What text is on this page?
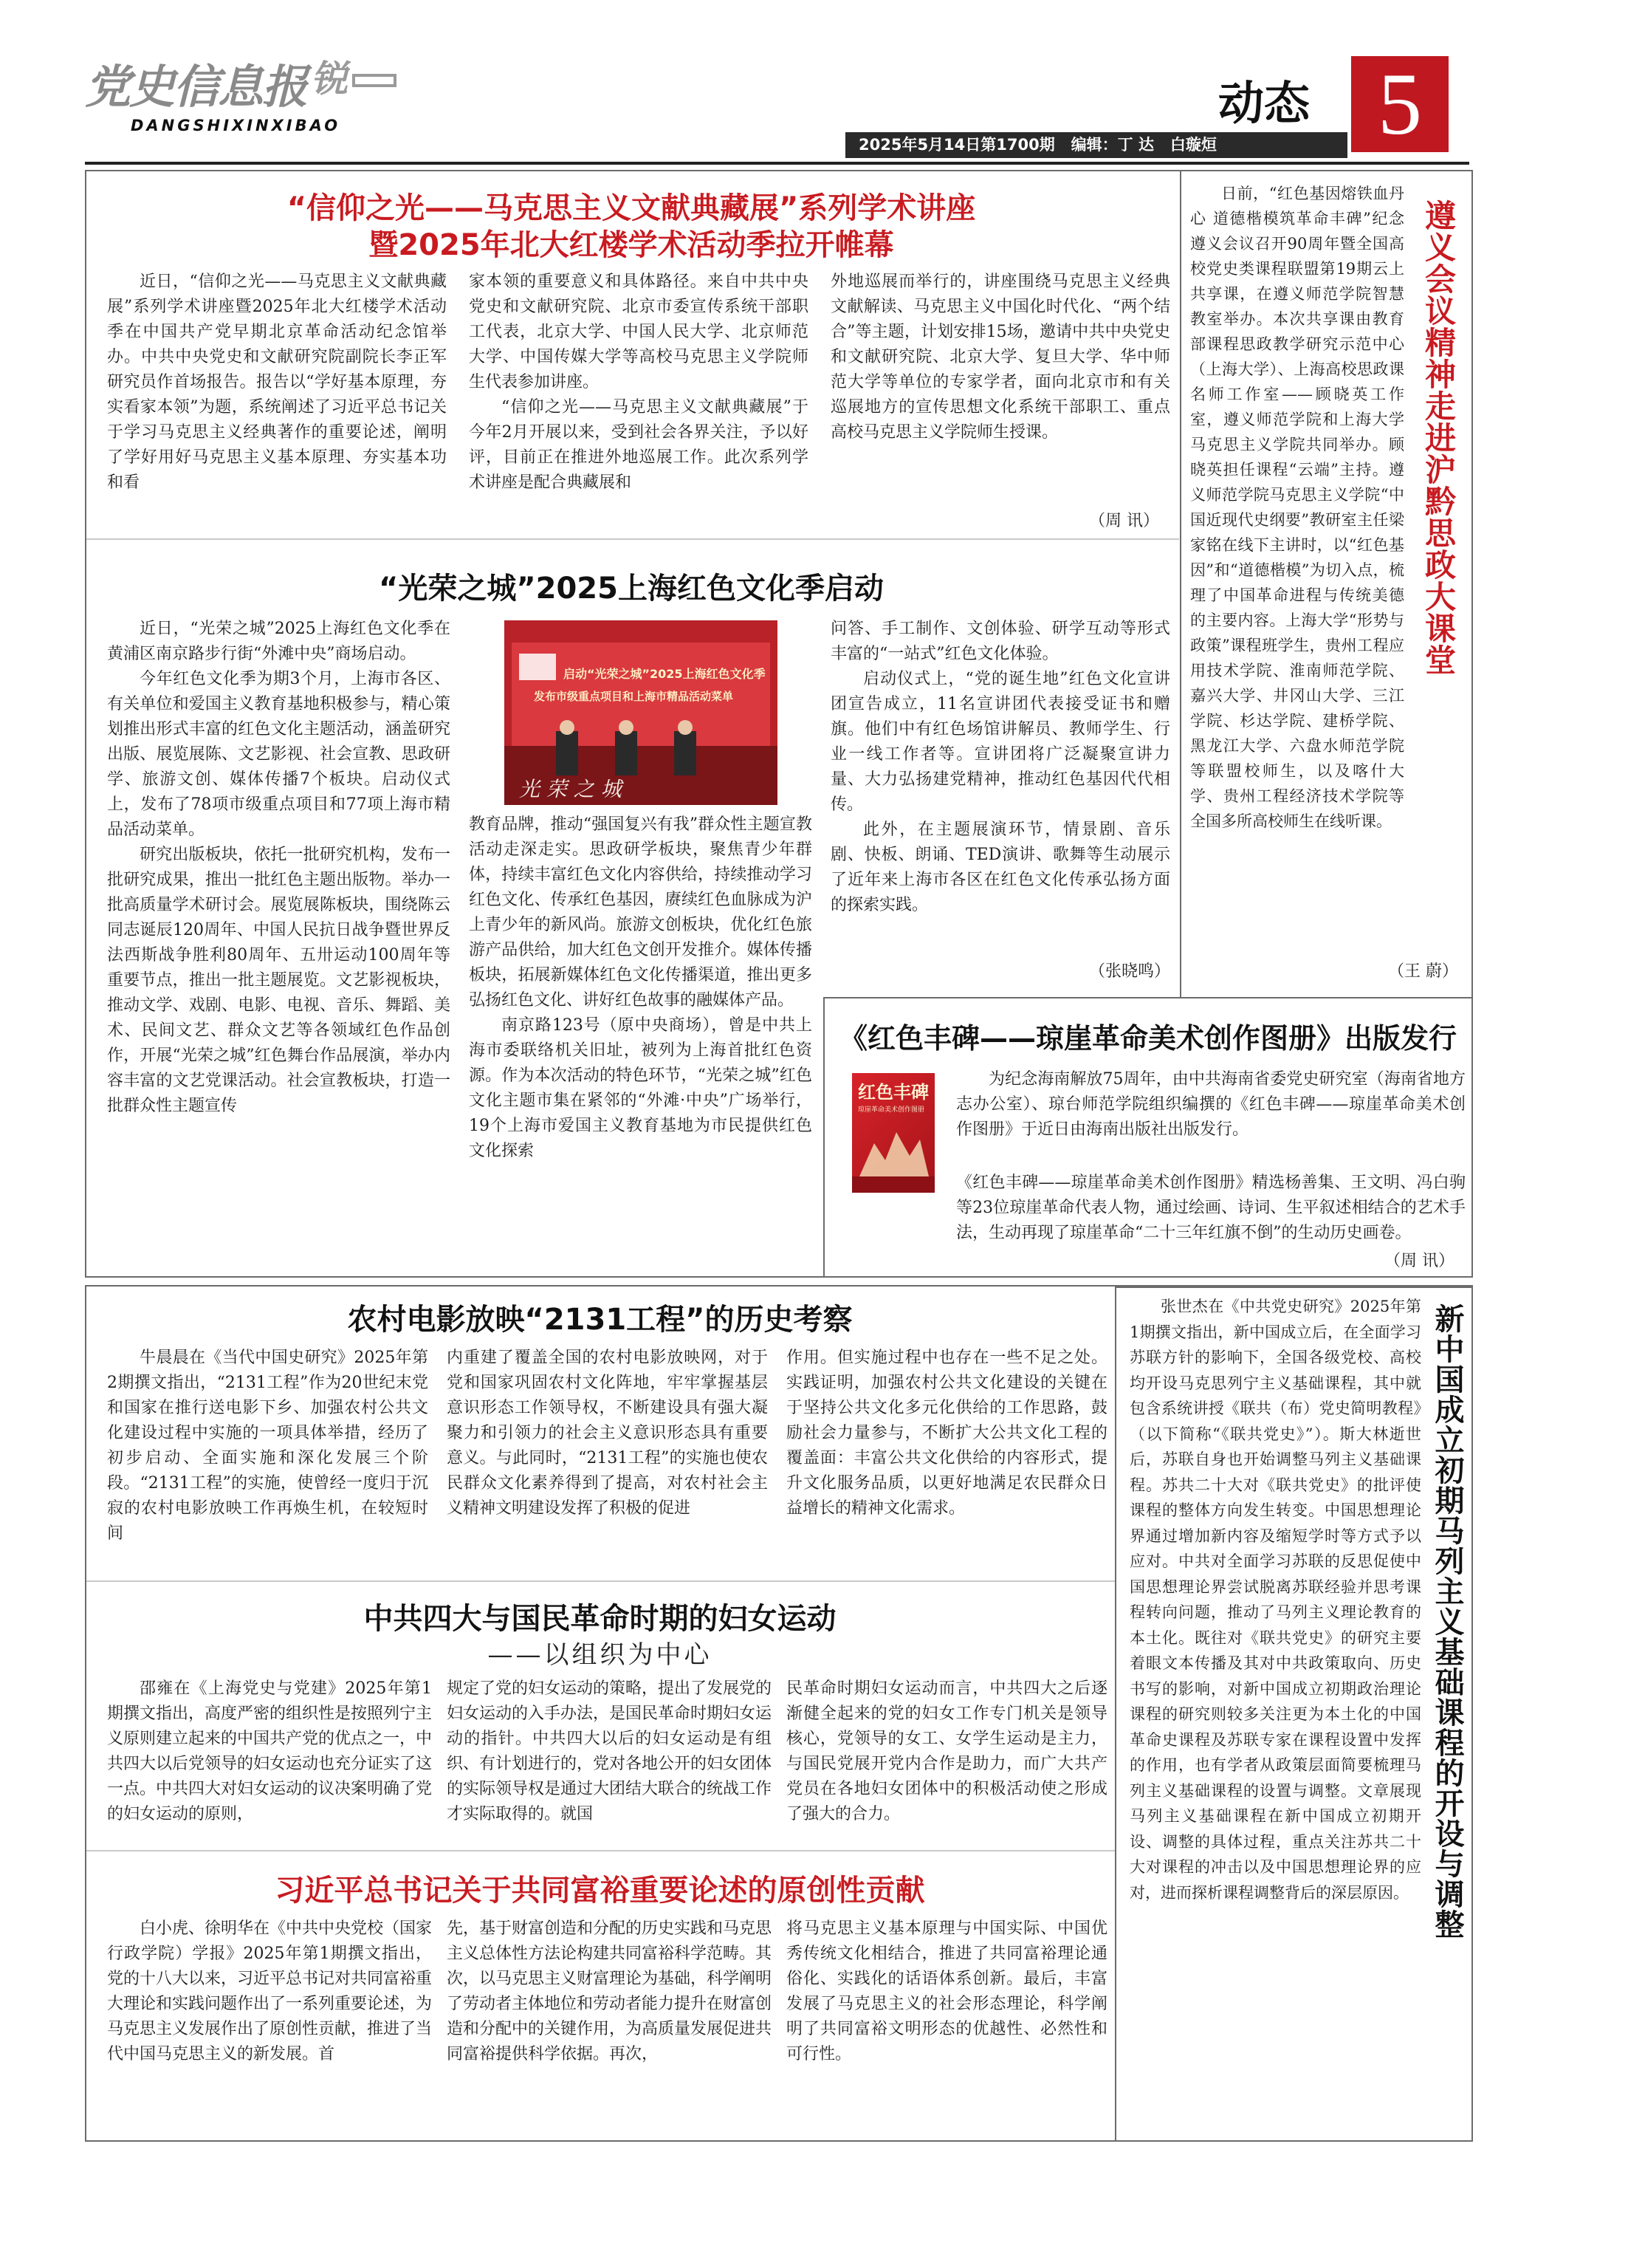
党史信息报 锐
DANGSHIXINXIBAO	动态 5
2025年5月14日第1700期   编辑：丁 达   白璇烜
“信仰之光——马克思主义文献典藏展”系列学术讲座
暨2025年北大红楼学术活动季拉开帷幕

近日，“信仰之光——马克思主义文献典藏展”系列学术讲座暨2025年北大红楼学术活动季在中国共产党早期北京革命活动纪念馆举办。中共中央党史和文献研究院副院长李正军研究员作首场报告。报告以“学好基本原理，夯实看家本领”为题，系统阐述了习近平总书记关于学习马克思主义经典著作的重要论述，阐明了学好用好马克思主义基本原理、夯实基本功和看

家本领的重要意义和具体路径。来自中共中央党史和文献研究院、北京市委宣传系统干部职工代表，北京大学、中国人民大学、北京师范大学、中国传媒大学等高校马克思主义学院师生代表参加讲座。

“信仰之光——马克思主义文献典藏展”于今年2月开展以来，受到社会各界关注，予以好评，目前正在推进外地巡展工作。此次系列学术讲座是配合典藏展和

外地巡展而举行的，讲座围绕马克思主义经典文献解读、马克思主义中国化时代化、“两个结合”等主题，计划安排15场，邀请中共中央党史和文献研究院、北京大学、复旦大学、华中师范大学等单位的专家学者，面向北京市和有关巡展地方的宣传思想文化系统干部职工、重点高校马克思主义学院师生授课。

（周 讯）
“光荣之城”2025上海红色文化季启动

近日，“光荣之城”2025上海红色文化季在黄浦区南京路步行街“外滩中央”商场启动。

今年红色文化季为期3个月，上海市各区、有关单位和爱国主义教育基地积极参与，精心策划推出形式丰富的红色文化主题活动，涵盖研究出版、展览展陈、文艺影视、社会宣教、思政研学、旅游文创、媒体传播7个板块。启动仪式上，发布了78项市级重点项目和77项上海市精品活动菜单。

研究出版板块，依托一批研究机构，发布一批研究成果，推出一批红色主题出版物。举办一批高质量学术研讨会。展览展陈板块，围绕陈云同志诞辰120周年、中国人民抗日战争暨世界反法西斯战争胜利80周年、五卅运动100周年等重要节点，推出一批主题展览。文艺影视板块，推动文学、戏剧、电影、电视、音乐、舞蹈、美术、民间文艺、群众文艺等各领域红色作品创作，开展“光荣之城”红色舞台作品展演，举办内容丰富的文艺党课活动。社会宣教板块，打造一批群众性主题宣传

启动“光荣之城”2025上海红色文化季
发布市级重点项目和上海市精品活动菜单
光 荣 之 城

教育品牌，推动“强国复兴有我”群众性主题宣教活动走深走实。思政研学板块，聚焦青少年群体，持续丰富红色文化内容供给，持续推动学习红色文化、传承红色基因，赓续红色血脉成为沪上青少年的新风尚。旅游文创板块，优化红色旅游产品供给，加大红色文创开发推介。媒体传播板块，拓展新媒体红色文化传播渠道，推出更多弘扬红色文化、讲好红色故事的融媒体产品。

南京路123号（原中央商场），曾是中共上海市委联络机关旧址，被列为上海首批红色资源。作为本次活动的特色环节，“光荣之城”红色文化主题市集在紧邻的“外滩·中央”广场举行，19个上海市爱国主义教育基地为市民提供红色文化探索

问答、手工制作、文创体验、研学互动等形式丰富的“一站式”红色文化体验。

启动仪式上，“党的诞生地”红色文化宣讲团宣告成立，11名宣讲团代表接受证书和赠旗。他们中有红色场馆讲解员、教师学生、行业一线工作者等。宣讲团将广泛凝聚宣讲力量、大力弘扬建党精神，推动红色基因代代相传。

此外，在主题展演环节，情景剧、音乐剧、快板、朗诵、TED演讲、歌舞等生动展示了近年来上海市各区在红色文化传承弘扬方面的探索实践。

（张晓鸣）
遵义会议精神走进沪黔思政大课堂

日前，“红色基因熔铁血丹心 道德楷模筑革命丰碑”纪念遵义会议召开90周年暨全国高校党史类课程联盟第19期云上共享课，在遵义师范学院智慧教室举办。本次共享课由教育部课程思政教学研究示范中心（上海大学）、上海高校思政课名师工作室——顾晓英工作室，遵义师范学院和上海大学马克思主义学院共同举办。顾晓英担任课程“云端”主持。遵义师范学院马克思主义学院“中国近现代史纲要”教研室主任梁家铭在线下主讲时，以“红色基因”和“道德楷模”为切入点，梳理了中国革命进程与传统美德的主要内容。上海大学“形势与政策”课程班学生，贵州工程应用技术学院、淮南师范学院、嘉兴大学、井冈山大学、三江学院、杉达学院、建桥学院、黑龙江大学、六盘水师范学院等联盟校师生，以及喀什大学、贵州工程经济技术学院等全国多所高校师生在线听课。

（王 蔚）
《红色丰碑——琼崖革命美术创作图册》出版发行
红色丰碑
琼崖革命美术创作图册

为纪念海南解放75周年，由中共海南省委党史研究室（海南省地方志办公室）、琼台师范学院组织编撰的《红色丰碑——琼崖革命美术创作图册》于近日由海南出版社出版发行。

《红色丰碑——琼崖革命美术创作图册》精选杨善集、王文明、冯白驹等23位琼崖革命代表人物，通过绘画、诗词、生平叙述相结合的艺术手法，生动再现了琼崖革命“二十三年红旗不倒”的生动历史画卷。

（周 讯）
农村电影放映“2131工程”的历史考察

牛晨晨在《当代中国史研究》2025年第2期撰文指出，“2131工程”作为20世纪末党和国家在推行送电影下乡、加强农村公共文化建设过程中实施的一项具体举措，经历了初步启动、全面实施和深化发展三个阶段。“2131工程”的实施，使曾经一度归于沉寂的农村电影放映工作再焕生机，在较短时间

内重建了覆盖全国的农村电影放映网，对于党和国家巩固农村文化阵地，牢牢掌握基层意识形态工作领导权，不断建设具有强大凝聚力和引领力的社会主义意识形态具有重要意义。与此同时，“2131工程”的实施也使农民群众文化素养得到了提高，对农村社会主义精神文明建设发挥了积极的促进

作用。但实施过程中也存在一些不足之处。实践证明，加强农村公共文化建设的关键在于坚持公共文化多元化供给的工作思路，鼓励社会力量参与，不断扩大公共文化工程的覆盖面：丰富公共文化供给的内容形式，提升文化服务品质，以更好地满足农民群众日益增长的精神文化需求。

中共四大与国民革命时期的妇女运动
——以组织为中心

邵雍在《上海党史与党建》2025年第1期撰文指出，高度严密的组织性是按照列宁主义原则建立起来的中国共产党的优点之一，中共四大以后党领导的妇女运动也充分证实了这一点。中共四大对妇女运动的议决案明确了党的妇女运动的原则，

规定了党的妇女运动的策略，提出了发展党的妇女运动的入手办法，是国民革命时期妇女运动的指针。中共四大以后的妇女运动是有组织、有计划进行的，党对各地公开的妇女团体的实际领导权是通过大团结大联合的统战工作才实际取得的。就国

民革命时期妇女运动而言，中共四大之后逐渐健全起来的党的妇女工作专门机关是领导核心，党领导的女工、女学生运动是主力，与国民党展开党内合作是助力，而广大共产党员在各地妇女团体中的积极活动使之形成了强大的合力。

习近平总书记关于共同富裕重要论述的原创性贡献

白小虎、徐明华在《中共中央党校（国家行政学院）学报》2025年第1期撰文指出，党的十八大以来，习近平总书记对共同富裕重大理论和实践问题作出了一系列重要论述，为马克思主义发展作出了原创性贡献，推进了当代中国马克思主义的新发展。首

先，基于财富创造和分配的历史实践和马克思主义总体性方法论构建共同富裕科学范畴。其次，以马克思主义财富理论为基础，科学阐明了劳动者主体地位和劳动者能力提升在财富创造和分配中的关键作用，为高质量发展促进共同富裕提供科学依据。再次，

将马克思主义基本原理与中国实际、中国优秀传统文化相结合，推进了共同富裕理论通俗化、实践化的话语体系创新。最后，丰富发展了马克思主义的社会形态理论，科学阐明了共同富裕文明形态的优越性、必然性和可行性。

张世杰在《中共党史研究》2025年第1期撰文指出，新中国成立后，在全面学习苏联方针的影响下，全国各级党校、高校均开设马克思列宁主义基础课程，其中就包含系统讲授《联共（布）党史简明教程》（以下简称“《联共党史》”）。斯大林逝世后，苏联自身也开始调整马列主义基础课程。苏共二十大对《联共党史》的批评使课程的整体方向发生转变。中国思想理论界通过增加新内容及缩短学时等方式予以应对。中共对全面学习苏联的反思促使中国思想理论界尝试脱离苏联经验并思考课程转向问题，推动了马列主义理论教育的本土化。既往对《联共党史》的研究主要着眼文本传播及其对中共政策取向、历史书写的影响，对新中国成立初期政治理论课程的研究则较多关注更为本土化的中国革命史课程及苏联专家在课程设置中发挥的作用，也有学者从政策层面简要梳理马列主义基础课程的设置与调整。文章展现马列主义基础课程在新中国成立初期开设、调整的具体过程，重点关注苏共二十大对课程的冲击以及中国思想理论界的应对，进而探析课程调整背后的深层原因。 新中国成立初期马列主义基础课程的开设与调整
